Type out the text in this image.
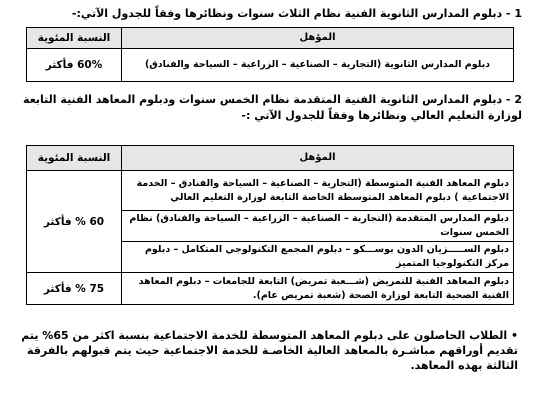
1 - دبلوم المدارس الثانوية الفنية نظام الثلاث سنوات ونظائرها وفقاً للجدول الآتي:-
المؤهل	النسبة المئوية
دبلوم المدارس الثانوية (التجارية – الصناعية – الزراعية – السياحة والفنادق)	60% فأكثر
2 - دبلوم المدارس الثانوية الفنية المتقدمة نظام الخمس سنوات ودبلوم المعاهد الفنية التابعة لوزارة التعليم العالي ونظائرها وفقاً للجدول الآتي :-
المؤهل	النسبة المئوية
دبلوم المعاهد الفنية المتوسطة (التجارية – الصناعية – السياحة والفنادق – الخدمة الاجتماعية ) دبلوم المعاهد المتوسطة الخاصة التابعة لوزارة التعليم العالي	60 % فأكثر
دبلوم المدارس المتقدمة (التجارية – الصناعية – الزراعية – السياحة والفنادق) نظام الخمس سنوات	
دبلوم الســـــزيان الدون بوســـكو – دبلوم المجمع التكنولوجي المتكامل – دبلوم مركز التكنولوجيا المتميز	
دبلوم المعاهد الفنية للتمريض (شـــعبة تمريض) التابعة للجامعات – دبلوم المعاهد الفنية الصحية التابعة لوزارة الصحة (شعبة تمريض عام).	75 % فأكثر
• الطلاب الحاصلون على دبلوم المعاهد المتوسطة للخدمة الاجتماعية بنسبة اكثر من 65% يتم تقديم أوراقهم مباشـرة بالمعاهد العالية الخاصـة للخدمة الاجتماعية حيث يتم قبولهم بالفرقة الثالثة بهذه المعاهد.
